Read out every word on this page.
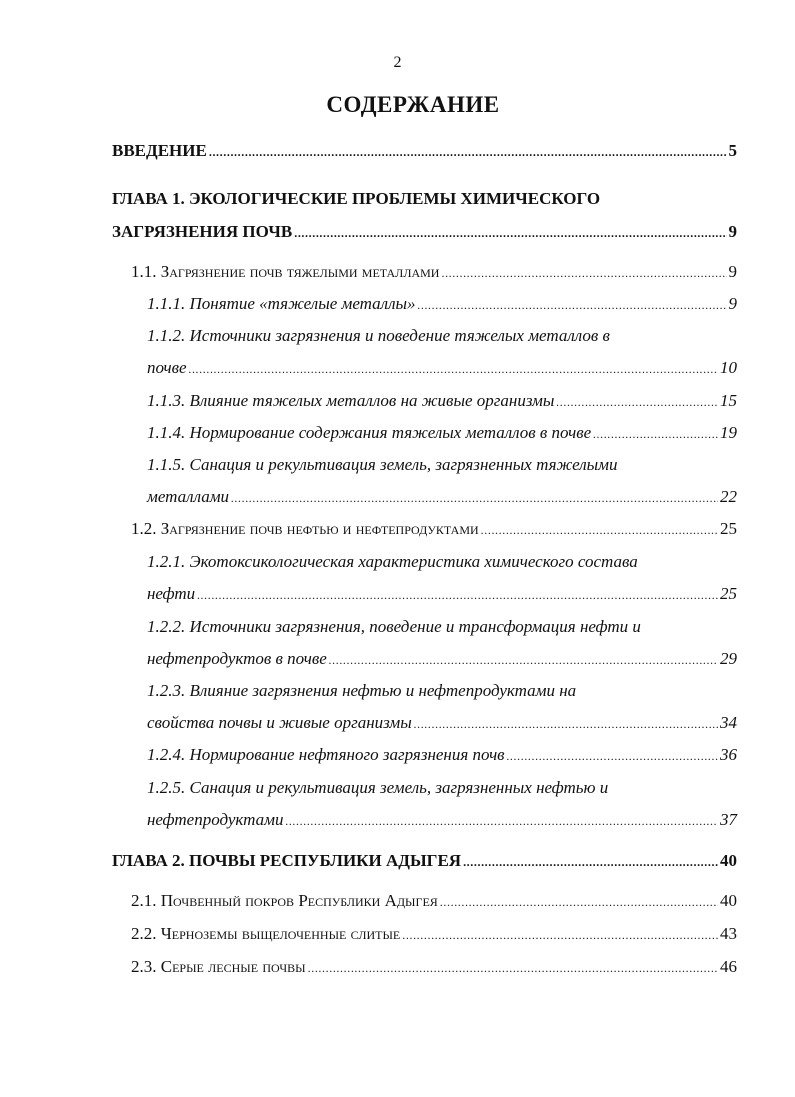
2
СОДЕРЖАНИЕ
ВВЕДЕНИЕ .....	5
ГЛАВА 1. ЭКОЛОГИЧЕСКИЕ ПРОБЛЕМЫ ХИМИЧЕСКОГО
ЗАГРЯЗНЕНИЯ ПОЧВ .....	9
1.1. Загрязнение почв тяжелыми металлами .....	9
1.1.1. Понятие «тяжелые металлы» .....	9
1.1.2. Источники загрязнения и поведение тяжелых металлов в
почве .....	10
1.1.3. Влияние тяжелых металлов на живые организмы .....	15
1.1.4. Нормирование содержания тяжелых металлов в почве .....	19
1.1.5. Санация и рекультивация земель, загрязненных тяжелыми
металлами .....	22
1.2. Загрязнение почв нефтью и нефтепродуктами .....	25
1.2.1. Экотоксикологическая характеристика химического состава
нефти .....	25
1.2.2. Источники загрязнения, поведение и трансформация нефти и
нефтепродуктов в почве .....	29
1.2.3. Влияние загрязнения нефтью и нефтепродуктами на
свойства почвы и живые организмы .....	34
1.2.4. Нормирование нефтяного загрязнения почв .....	36
1.2.5. Санация и рекультивация земель, загрязненных нефтью и
нефтепродуктами .....	37
ГЛАВА 2. ПОЧВЫ РЕСПУБЛИКИ АДЫГЕЯ .....	40
2.1. Почвенный покров Республики Адыгея .....	40
2.2. Черноземы выщелоченные слитые .....	43
2.3. Серые лесные почвы .....	46
